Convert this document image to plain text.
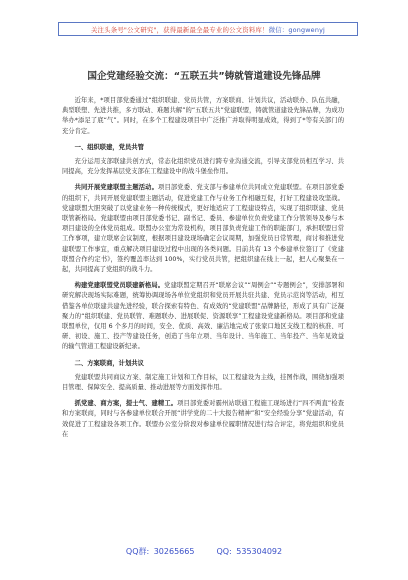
关注头条号"公文研究"，获得最新最全最专业的公文资料库！ 微信：gongwenyj
国企党建经验交流：“五联五共”铸就管道建设先锋品牌

近年来，*项目部党委通过“组织联建、党员共管，方案联商、计划共议，活动联办、队伍共融，典型联塑、先进共推，多方联动、难题共解”的“五联五共”党建联盟，铸就管道建设先锋品牌，为成功举办*添足了底“气”。同时，在多个工程建设项目中广泛推广并取得明显成效，得到了*等有关部门的充分肯定。

一、组织联建，党员共管

充分运用支部联建共创方式，常态化组织党员进行跨专业沟通交流，引导支部党员相互学习、共同提高，充分发挥基层党支部在工程建设中的战斗堡垒作用。

共同开展党建联盟主题活动。项目部党委、党支部与参建单位共同成立党建联盟。在项目部党委的组织下，共同开展党建联盟主题活动，促进党建工作与业务工作相融互促，打好工程建设攻坚战。党建联盟大胆突破了以党建业务一种传统模式，更好地适应了工程建设特点，实现了组织联建、党员联管新格局。党建联盟由项目部党委书记、副书记、委员、参建单位负责党建工作分管领导及参与本项目建设的全体党员组成。联盟办公室为常设机构，项目部负责党建工作的职能部门，承担联盟日常工作事项，建立联席会议制度，根据项目建设现场确定会议周期，加强党员日常管理，商讨和推进党建联盟工作事宜，重点解决项目建设过程中出现的各类问题。目前共有 13 个参建单位签订了《党建联盟合作约定书》，签约覆盖率达到 100%，实行党员共管，把组织建在线上一起，把人心聚集在一起，共同提高了党组织的战斗力。

构建党建联盟党员联建新格局。党建联盟定期召开“联席会议”“周例会”“专题例会”，安排部署和研究解决现场实际难题，统筹协调现场各单位党组织和党员开展共驻共建、党员示范岗等活动，相互借鉴各单位联建共建先进经验，联合探索有特色、有成效的“党建联盟”品牌路径，形成了具有广泛凝聚力的“组织联建、党员联管、难题联办、进展联促、资源联享”工程建设党建新格局。项目部和党建联盟单位，仅用 6 个多月的时间，安全、优质、高效、廉洁地完成了张家口地区支线工程的核准、可研、初设、施工、投产等建设任务，创造了当年立项、当年设计、当年施工、当年投产、当年见效益的输气管道工程建设新纪录。

二、方案联商，计划共议

党建联盟共同商议方案、制定施工计划和工作目标，以工程建设为主线，挂图作战，围绕加强项目管理、保障安全、提高质量、推动进展等方面发挥作用。

抓党建、商方案，提士气、建精工。项目部党委对霸州站联通工程施工现场进行“四不两直”检查和方案联商，同时与各参建单位联合开展“讲学党的二十大报告精神”和“安全经验分享”党建活动，有效促进了工程建设各项工作。联盟办公室分阶段对参建单位履职情况进行综合评定，将党组织和党员在

QQ群: 30265665	QQ: 535304092
